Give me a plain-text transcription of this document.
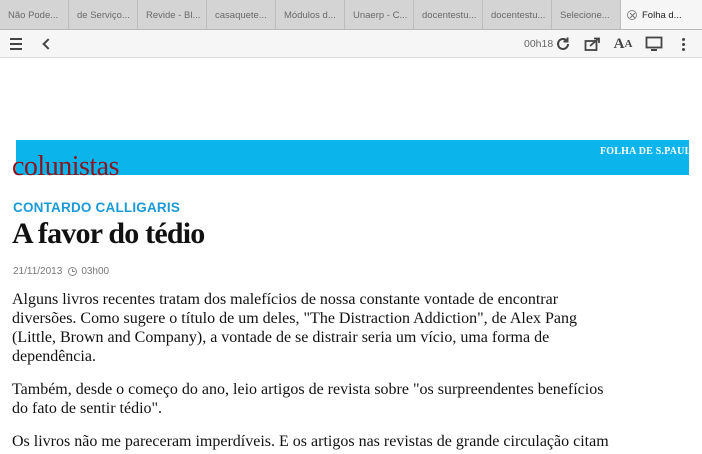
Não Pode... de Serviço... Revide - Bl... casaquete... Módulos d... Unaerp - C... docentestu... docentestu... Selecione...	Folha d...
00h18	A A
colunistas	FOLHA DE S.PAULO
CONTARDO CALLIGARIS
A favor do tédio
21/11/2013 03h00

Alguns livros recentes tratam dos malefícios de nossa constante vontade de encontrar
diversões. Como sugere o título de um deles, "The Distraction Addiction", de Alex Pang
(Little, Brown and Company), a vontade de se distrair seria um vício, uma forma de
dependência.

Também, desde o começo do ano, leio artigos de revista sobre "os surpreendentes benefícios
do fato de sentir tédio".

Os livros não me pareceram imperdíveis. E os artigos nas revistas de grande circulação citam
